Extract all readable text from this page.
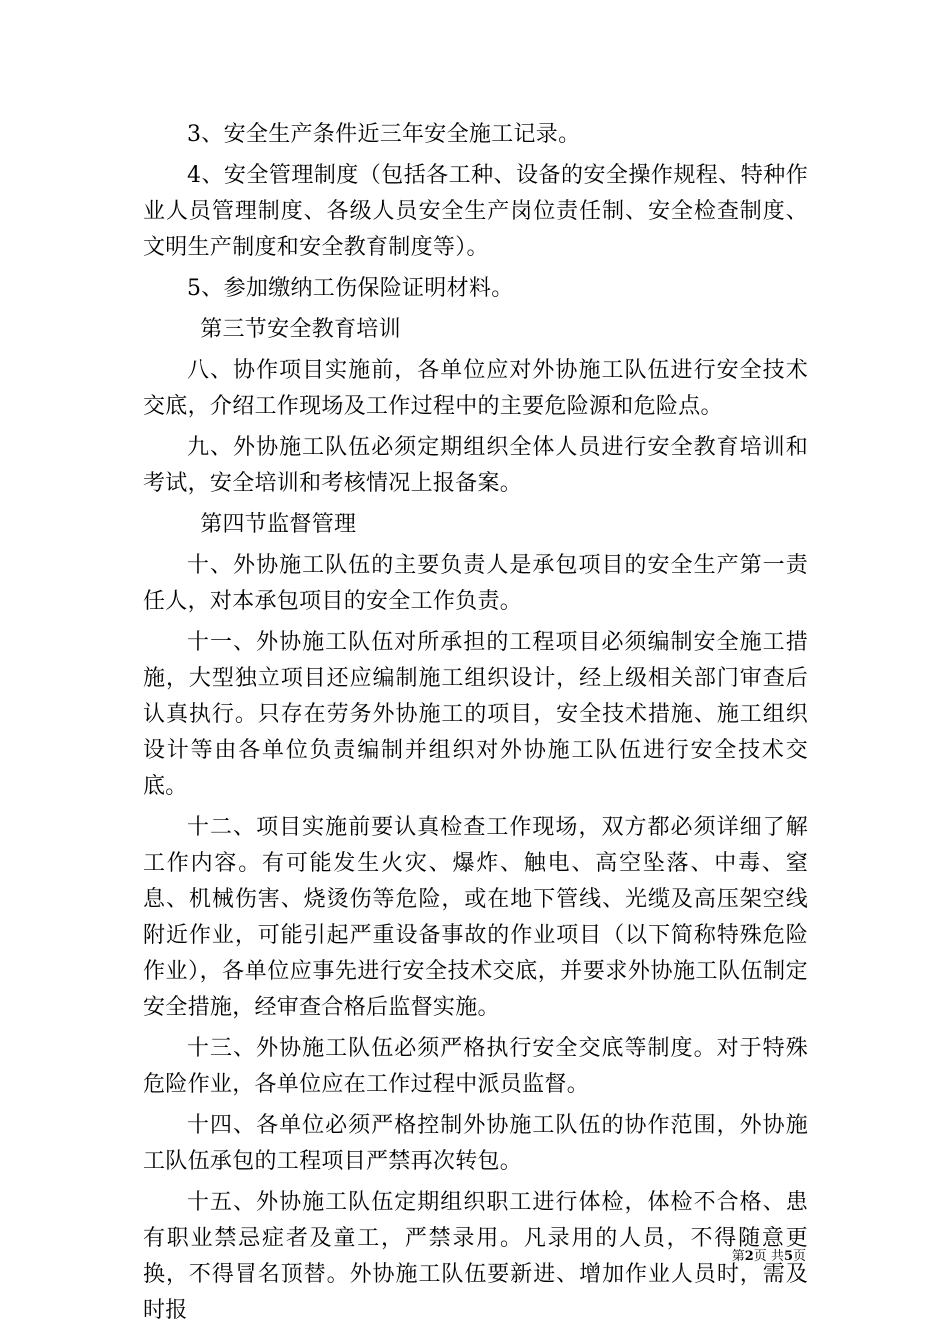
3、安全生产条件近三年安全施工记录。

4、安全管理制度（包括各工种、设备的安全操作规程、特种作业人员管理制度、各级人员安全生产岗位责任制、安全检查制度、文明生产制度和安全教育制度等）。

5、参加缴纳工伤保险证明材料。

第三节安全教育培训

八、协作项目实施前，各单位应对外协施工队伍进行安全技术交底，介绍工作现场及工作过程中的主要危险源和危险点。

九、外协施工队伍必须定期组织全体人员进行安全教育培训和考试，安全培训和考核情况上报备案。

第四节监督管理

十、外协施工队伍的主要负责人是承包项目的安全生产第一责任人，对本承包项目的安全工作负责。

十一、外协施工队伍对所承担的工程项目必须编制安全施工措施，大型独立项目还应编制施工组织设计，经上级相关部门审查后认真执行。只存在劳务外协施工的项目，安全技术措施、施工组织设计等由各单位负责编制并组织对外协施工队伍进行安全技术交底。

十二、项目实施前要认真检查工作现场，双方都必须详细了解工作内容。有可能发生火灾、爆炸、触电、高空坠落、中毒、窒息、机械伤害、烧烫伤等危险，或在地下管线、光缆及高压架空线附近作业，可能引起严重设备事故的作业项目（以下简称特殊危险作业），各单位应事先进行安全技术交底，并要求外协施工队伍制定安全措施，经审查合格后监督实施。

十三、外协施工队伍必须严格执行安全交底等制度。对于特殊危险作业，各单位应在工作过程中派员监督。

十四、各单位必须严格控制外协施工队伍的协作范围，外协施工队伍承包的工程项目严禁再次转包。

十五、外协施工队伍定期组织职工进行体检，体检不合格、患有职业禁忌症者及童工，严禁录用。凡录用的人员，不得随意更换，不得冒名顶替。外协施工队伍要新进、增加作业人员时，需及时报

第2页 共5页
